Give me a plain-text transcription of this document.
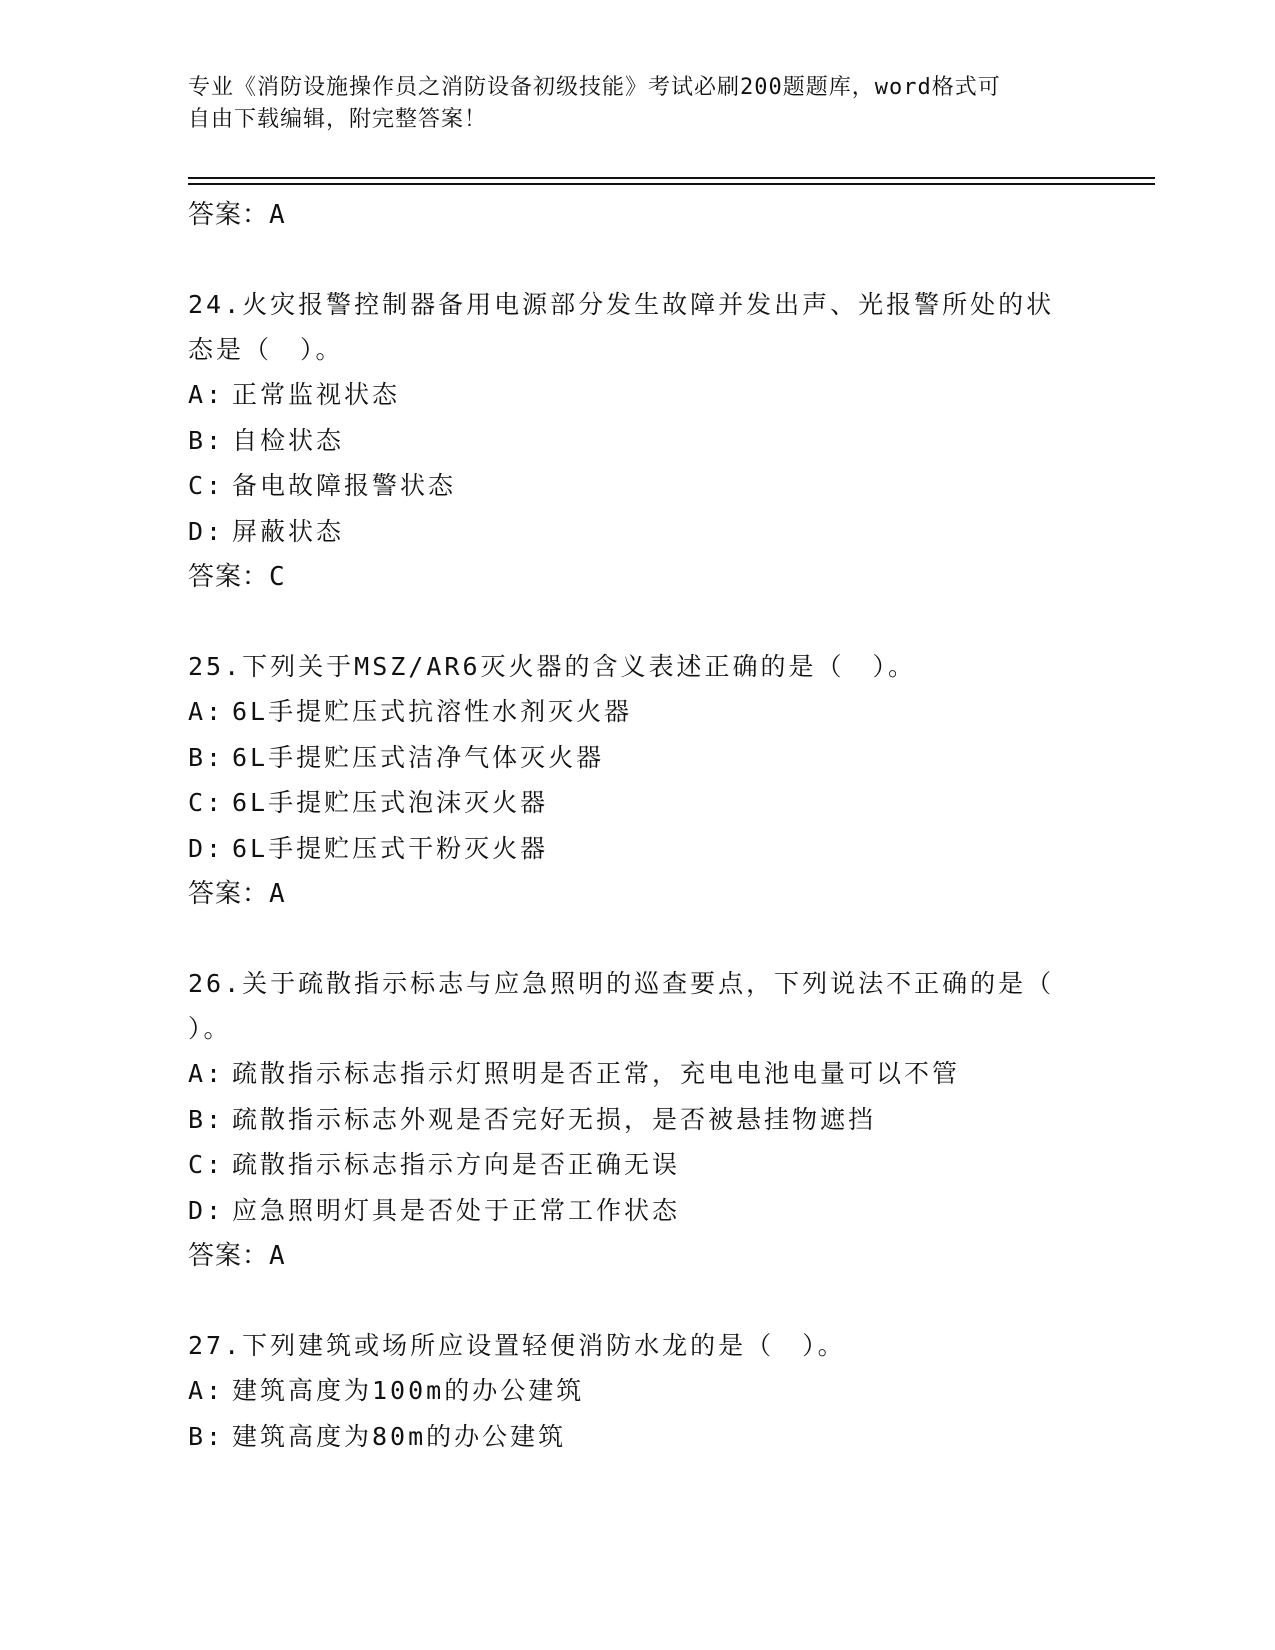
专业《消防设施操作员之消防设备初级技能》考试必刷200题题库，word格式可
自由下载编辑，附完整答案！
答案：A
24.火灾报警控制器备用电源部分发生故障并发出声、光报警所处的状
态是（　）。
A: 正常监视状态
B: 自检状态
C: 备电故障报警状态
D: 屏蔽状态
答案：C
25.下列关于MSZ/AR6灭火器的含义表述正确的是（　）。
A: 6L手提贮压式抗溶性水剂灭火器
B: 6L手提贮压式洁净气体灭火器
C: 6L手提贮压式泡沫灭火器
D: 6L手提贮压式干粉灭火器
答案：A
26.关于疏散指示标志与应急照明的巡查要点，下列说法不正确的是（
）。
A: 疏散指示标志指示灯照明是否正常，充电电池电量可以不管
B: 疏散指示标志外观是否完好无损，是否被悬挂物遮挡
C: 疏散指示标志指示方向是否正确无误
D: 应急照明灯具是否处于正常工作状态
答案：A
27.下列建筑或场所应设置轻便消防水龙的是（　）。
A: 建筑高度为100m的办公建筑
B: 建筑高度为80m的办公建筑
